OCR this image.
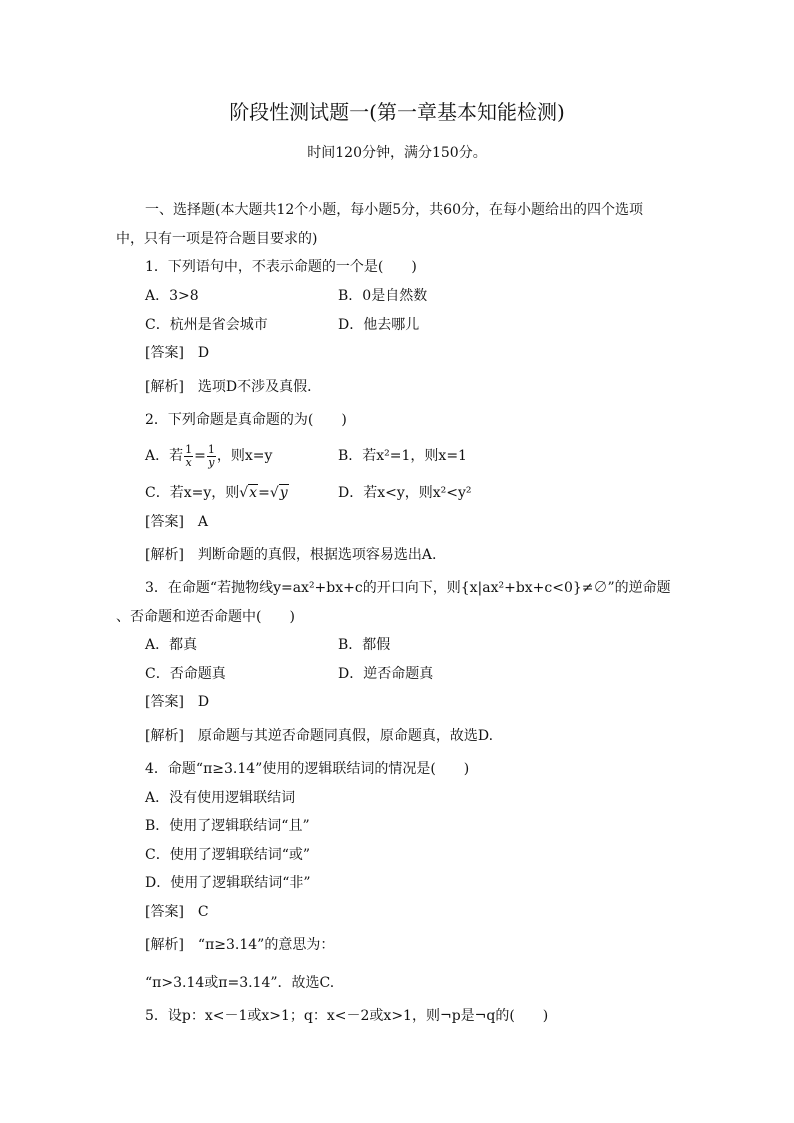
阶段性测试题一(第一章基本知能检测)
时间120分钟，满分150分。
一、选择题(本大题共12个小题，每小题5分，共60分，在每小题给出的四个选项
中，只有一项是符合题目要求的)
1．下列语句中，不表示命题的一个是(　　)
A．3>8	B．0是自然数
C．杭州是省会城市	D．他去哪儿
[答案]　D
[解析]　选项D不涉及真假．
2．下列命题是真命题的为(　　)
A．若 $\frac{1}{x} = \frac{1}{y}$ ，则x=y	B．若x²=1，则x=1
C．若x=y，则√x=√y	D．若x<y，则x²<y²
[答案]　A
[解析]　判断命题的真假，根据选项容易选出A.
3．在命题“若抛物线y=ax²+bx+c的开口向下，则{x|ax²+bx+c<0}≠∅”的逆命题
、否命题和逆否命题中(　　)
A．都真	B．都假
C．否命题真	D．逆否命题真
[答案]　D
[解析]　原命题与其逆否命题同真假，原命题真，故选D.
4．命题“π≥3.14”使用的逻辑联结词的情况是(　　)
A．没有使用逻辑联结词
B．使用了逻辑联结词“且”
C．使用了逻辑联结词“或”
D．使用了逻辑联结词“非”
[答案]　C
[解析]　“π≥3.14”的意思为：
“π>3.14或π=3.14”．故选C.
5．设p：x<－1或x>1；q：x<－2或x>1，则¬p是¬q的(　　)
